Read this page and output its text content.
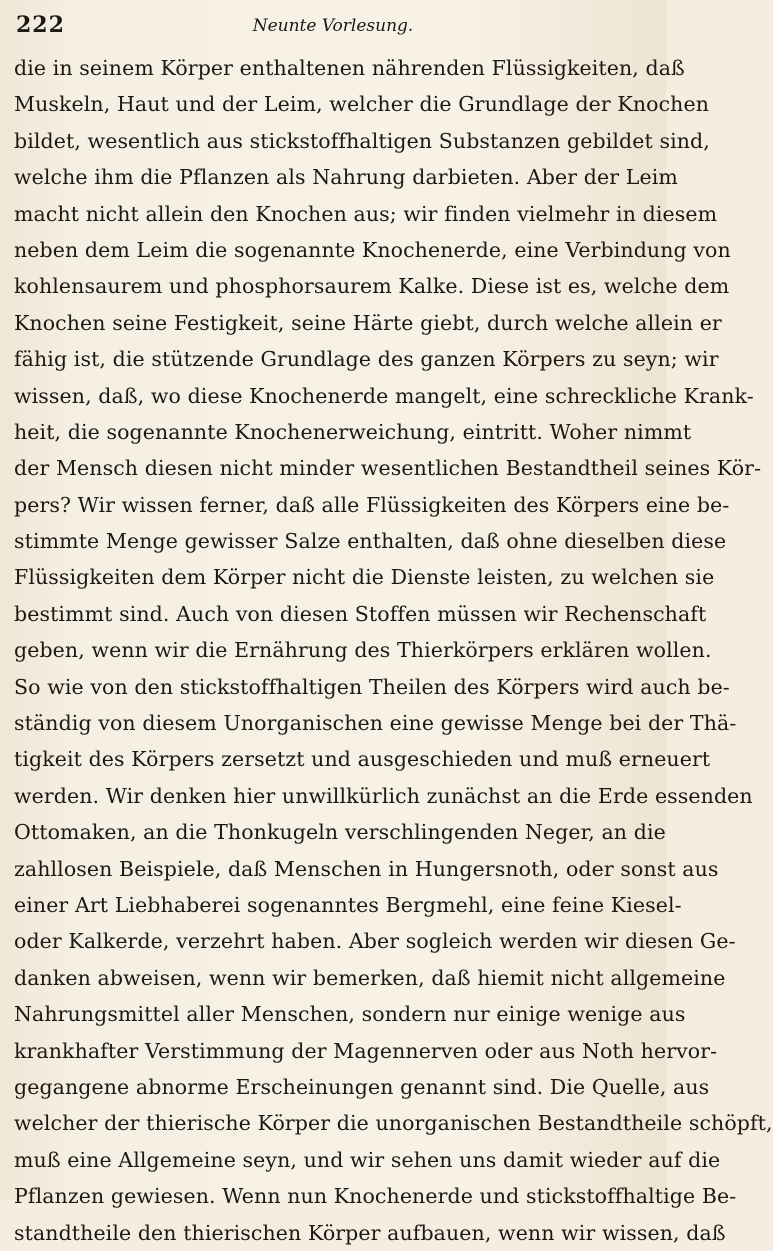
222	Neunte Vorlesung.
die in seinem Körper enthaltenen nährenden Flüssigkeiten, daß
Muskeln, Haut und der Leim, welcher die Grundlage der Knochen
bildet, wesentlich aus stickstoffhaltigen Substanzen gebildet sind,
welche ihm die Pflanzen als Nahrung darbieten. Aber der Leim
macht nicht allein den Knochen aus; wir finden vielmehr in diesem
neben dem Leim die sogenannte Knochenerde, eine Verbindung von
kohlensaurem und phosphorsaurem Kalke. Diese ist es, welche dem
Knochen seine Festigkeit, seine Härte giebt, durch welche allein er
fähig ist, die stützende Grundlage des ganzen Körpers zu seyn; wir
wissen, daß, wo diese Knochenerde mangelt, eine schreckliche Krank-
heit, die sogenannte Knochenerweichung, eintritt. Woher nimmt
der Mensch diesen nicht minder wesentlichen Bestandtheil seines Kör-
pers? Wir wissen ferner, daß alle Flüssigkeiten des Körpers eine be-
stimmte Menge gewisser Salze enthalten, daß ohne dieselben diese
Flüssigkeiten dem Körper nicht die Dienste leisten, zu welchen sie
bestimmt sind. Auch von diesen Stoffen müssen wir Rechenschaft
geben, wenn wir die Ernährung des Thierkörpers erklären wollen.
So wie von den stickstoffhaltigen Theilen des Körpers wird auch be-
ständig von diesem Unorganischen eine gewisse Menge bei der Thä-
tigkeit des Körpers zersetzt und ausgeschieden und muß erneuert
werden. Wir denken hier unwillkürlich zunächst an die Erde essenden
Ottomaken, an die Thonkugeln verschlingenden Neger, an die
zahllosen Beispiele, daß Menschen in Hungersnoth, oder sonst aus
einer Art Liebhaberei sogenanntes Bergmehl, eine feine Kiesel-
oder Kalkerde, verzehrt haben. Aber sogleich werden wir diesen Ge-
danken abweisen, wenn wir bemerken, daß hiemit nicht allgemeine
Nahrungsmittel aller Menschen, sondern nur einige wenige aus
krankhafter Verstimmung der Magennerven oder aus Noth hervor-
gegangene abnorme Erscheinungen genannt sind. Die Quelle, aus
welcher der thierische Körper die unorganischen Bestandtheile schöpft,
muß eine Allgemeine seyn, und wir sehen uns damit wieder auf die
Pflanzen gewiesen. Wenn nun Knochenerde und stickstoffhaltige Be-
standtheile den thierischen Körper aufbauen, wenn wir wissen, daß
